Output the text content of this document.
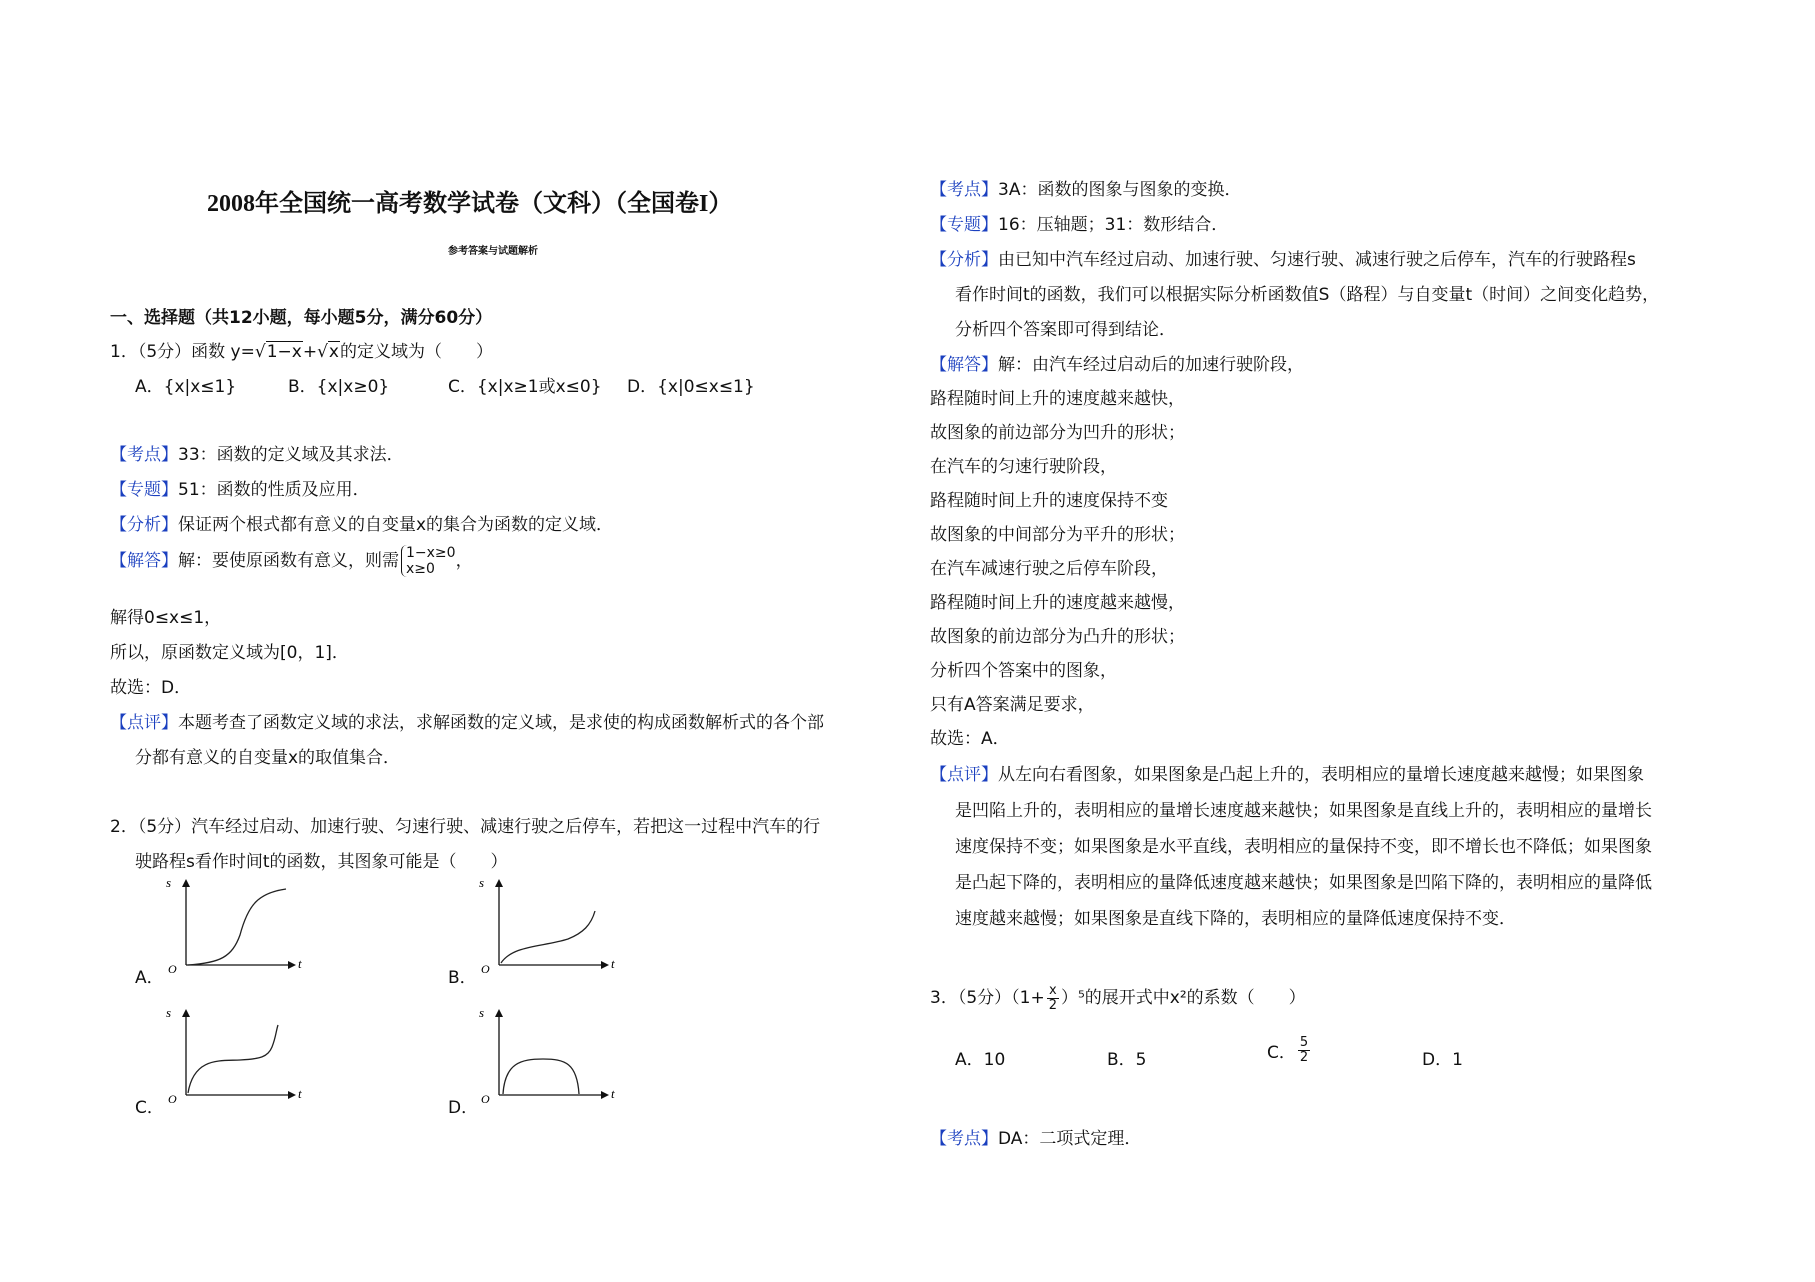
2008年全国统一高考数学试卷（文科）（全国卷I）
参考答案与试题解析
一、选择题（共12小题，每小题5分，满分60分）
1．（5分）函数 y=√1−x+√x的定义域为（　　）
A．{x|x≤1}	B．{x|x≥0}	C．{x|x≥1或x≤0} D．{x|0≤x≤1}
【考点】33：函数的定义域及其求法．
【专题】51：函数的性质及应用．
【分析】保证两个根式都有意义的自变量x的集合为函数的定义域．
【解答】解：要使原函数有意义，则需 1−x≥0
x≥0	，
解得0≤x≤1，
所以，原函数定义域为[0，1]．
故选：D．
【点评】本题考查了函数定义域的求法，求解函数的定义域，是求使的构成函数解析式的各个部
分都有意义的自变量x的取值集合．
2．（5分）汽车经过启动、加速行驶、匀速行驶、减速行驶之后停车，若把这一过程中汽车的行
驶路程s看作时间t的函数，其图象可能是（　　）
s
t
O
A．
s
t
O
B．
s
t
O
C．
s
t
O
D．
【考点】3A：函数的图象与图象的变换．
【专题】16：压轴题；31：数形结合．
【分析】由已知中汽车经过启动、加速行驶、匀速行驶、减速行驶之后停车，汽车的行驶路程s
看作时间t的函数，我们可以根据实际分析函数值S（路程）与自变量t（时间）之间变化趋势，
分析四个答案即可得到结论．
【解答】解：由汽车经过启动后的加速行驶阶段，
路程随时间上升的速度越来越快，
故图象的前边部分为凹升的形状；
在汽车的匀速行驶阶段，
路程随时间上升的速度保持不变
故图象的中间部分为平升的形状；
在汽车减速行驶之后停车阶段，
路程随时间上升的速度越来越慢，
故图象的前边部分为凸升的形状；
分析四个答案中的图象，
只有A答案满足要求，
故选：A．
【点评】从左向右看图象，如果图象是凸起上升的，表明相应的量增长速度越来越慢；如果图象
是凹陷上升的，表明相应的量增长速度越来越快；如果图象是直线上升的，表明相应的量增长
速度保持不变；如果图象是水平直线，表明相应的量保持不变，即不增长也不降低；如果图象
是凸起下降的，表明相应的量降低速度越来越快；如果图象是凹陷下降的，表明相应的量降低
速度越来越慢；如果图象是直线下降的，表明相应的量降低速度保持不变．
3．（5分）$(1+ \frac{x}{2} )^5$的展开式中x²的系数（　　）
A．10	B．5	C． $\frac{5}{2}$	D．1
【考点】DA：二项式定理．
